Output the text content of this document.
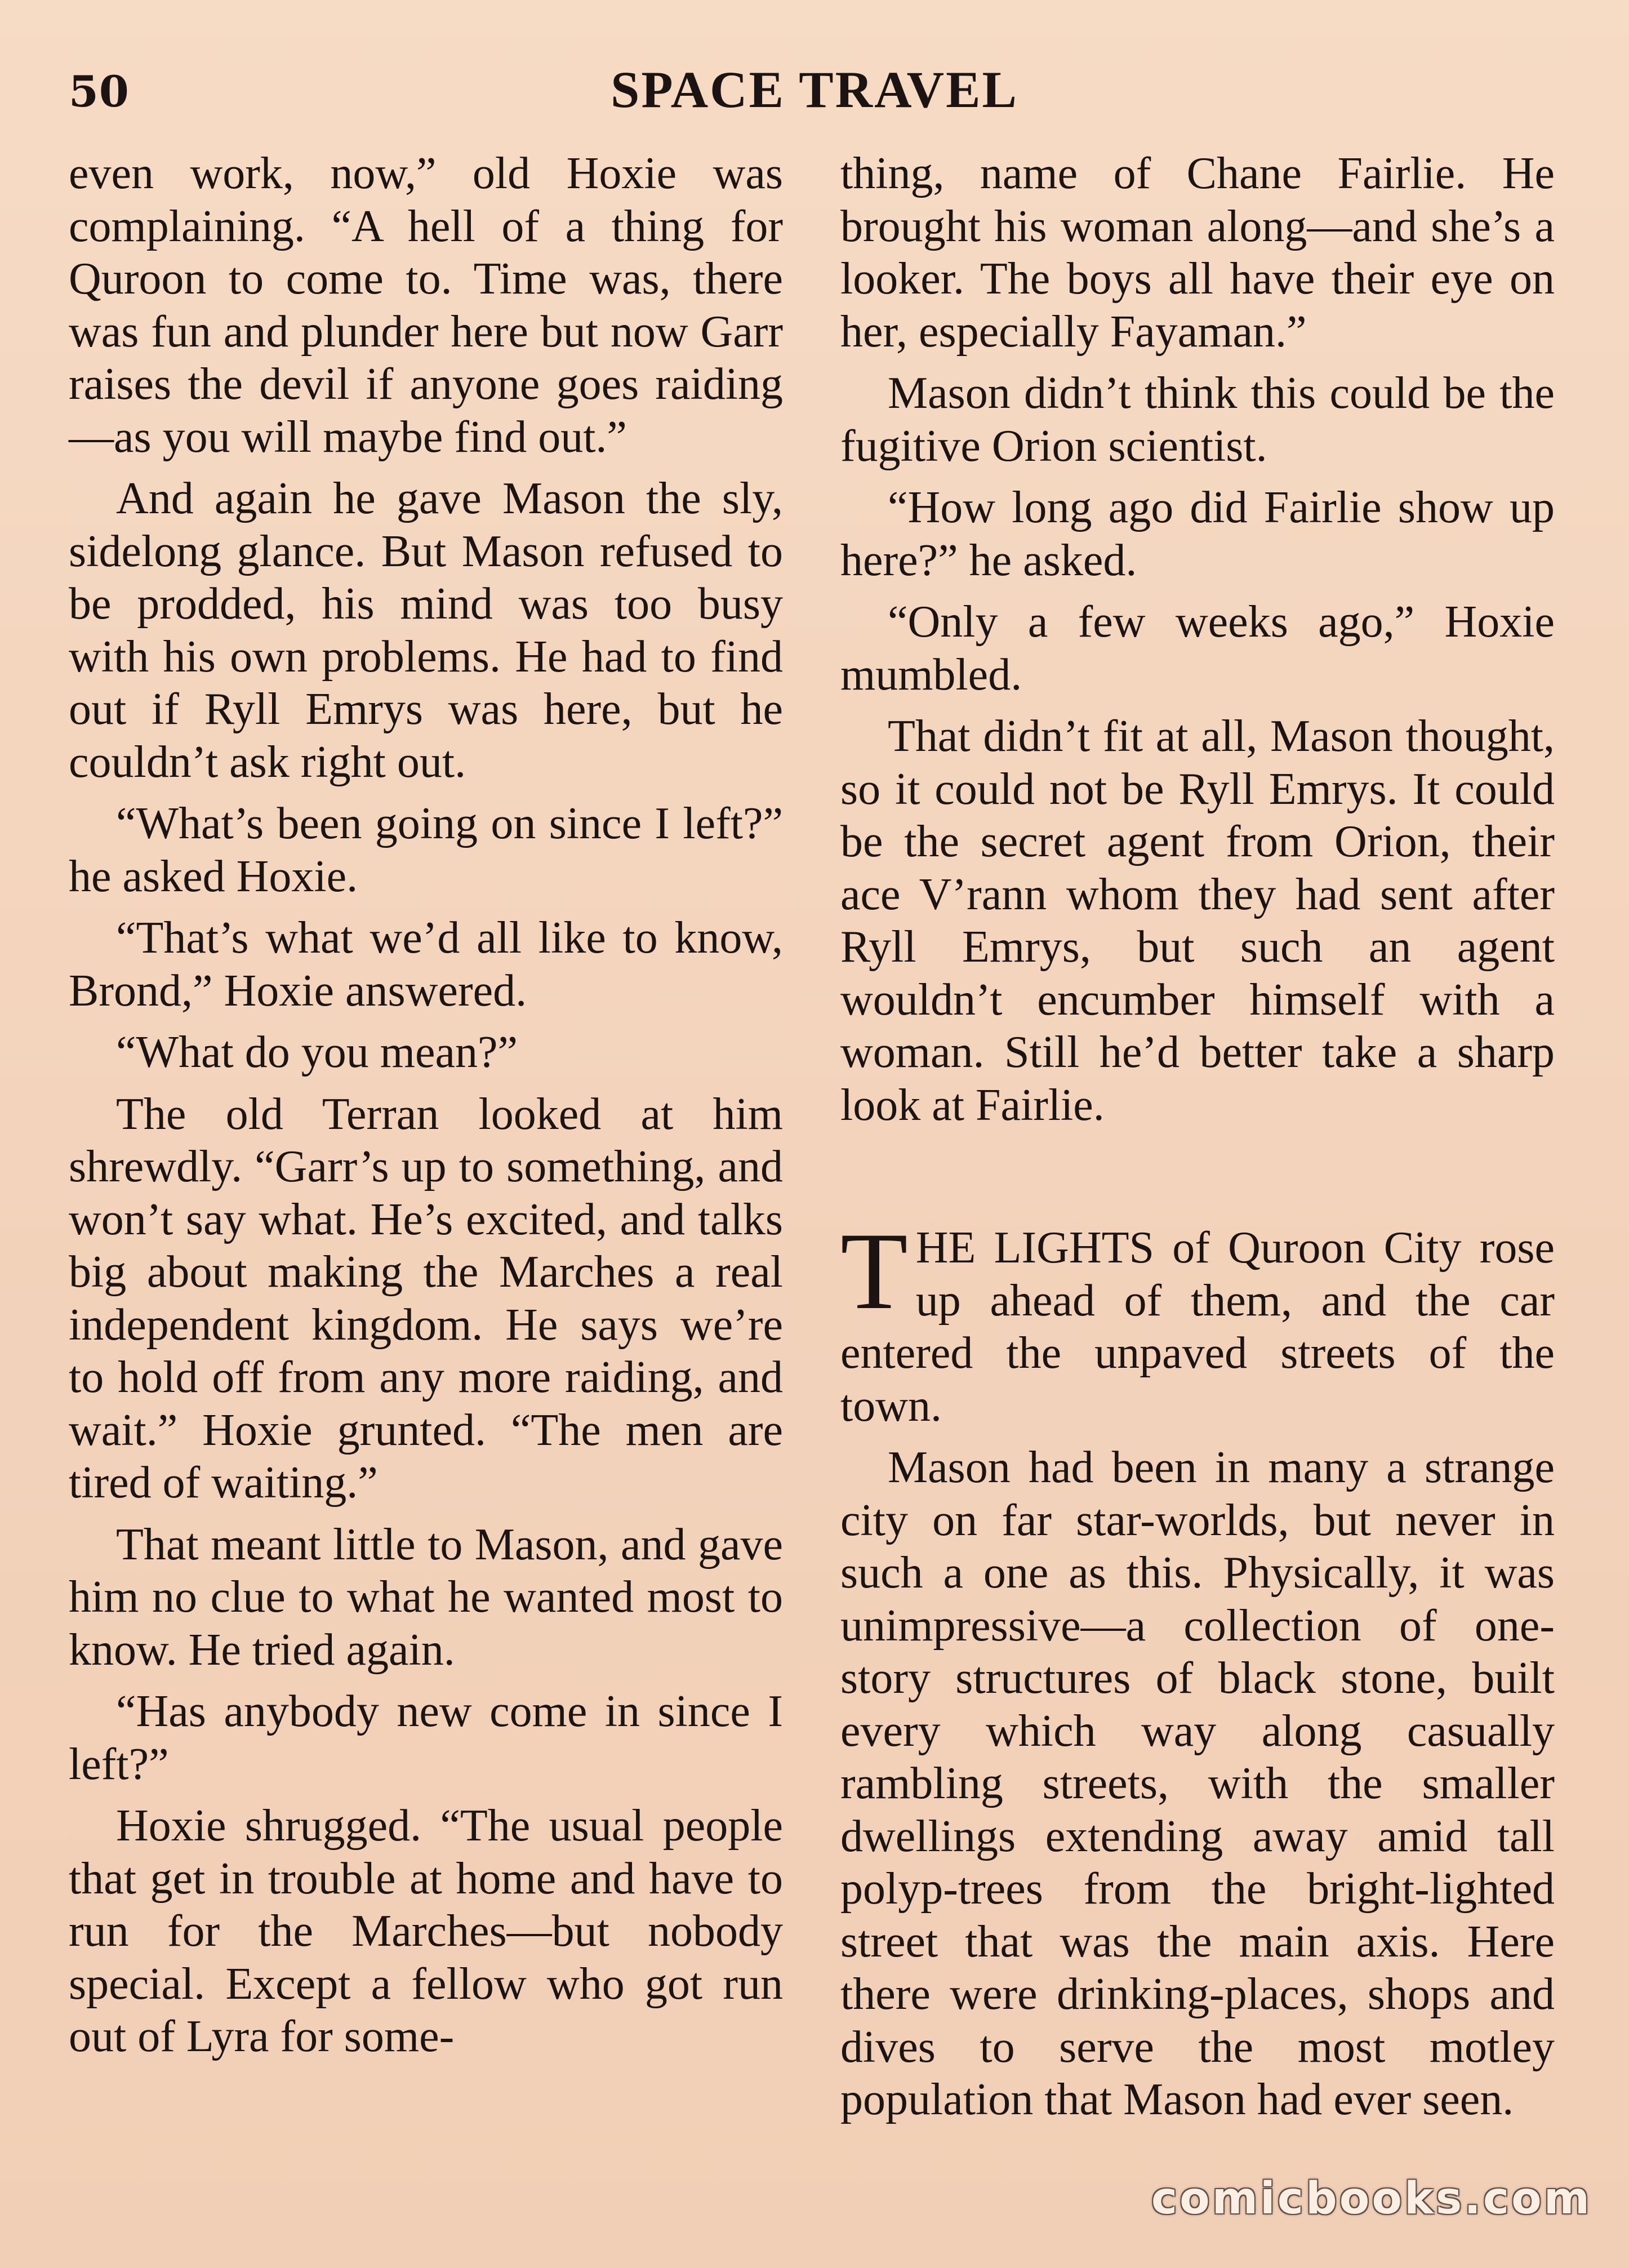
50	SPACE TRAVEL

even work, now,” old Hoxie was complaining. “A hell of a thing for Quroon to come to. Time was, there was fun and plunder here but now Garr raises the devil if anyone goes raiding—as you will maybe find out.”

And again he gave Mason the sly, sidelong glance. But Mason refused to be prodded, his mind was too busy with his own problems. He had to find out if Ryll Emrys was here, but he couldn’t ask right out.

“What’s been going on since I left?” he asked Hoxie.

“That’s what we’d all like to know, Brond,” Hoxie answered.

“What do you mean?”

The old Terran looked at him shrewdly. “Garr’s up to something, and won’t say what. He’s excited, and talks big about making the Marches a real independent kingdom. He says we’re to hold off from any more raiding, and wait.” Hoxie grunted. “The men are tired of waiting.”

That meant little to Mason, and gave him no clue to what he wanted most to know. He tried again.

“Has anybody new come in since I left?”

Hoxie shrugged. “The usual people that get in trouble at home and have to run for the Marches—but nobody special. Except a fellow who got run out of Lyra for some-

thing, name of Chane Fairlie. He brought his woman along—and she’s a looker. The boys all have their eye on her, especially Fayaman.”

Mason didn’t think this could be the fugitive Orion scientist.

“How long ago did Fairlie show up here?” he asked.

“Only a few weeks ago,” Hoxie mumbled.

That didn’t fit at all, Mason thought, so it could not be Ryll Emrys. It could be the secret agent from Orion, their ace V’rann whom they had sent after Ryll Emrys, but such an agent wouldn’t encumber himself with a woman. Still he’d better take a sharp look at Fairlie.

THE LIGHTS of Quroon City rose up ahead of them, and the car entered the unpaved streets of the town.

Mason had been in many a strange city on far star-worlds, but never in such a one as this. Physically, it was unimpressive—a collection of one-story structures of black stone, built every which way along casually rambling streets, with the smaller dwellings extending away amid tall polyp-trees from the bright-lighted street that was the main axis. Here there were drinking-places, shops and dives to serve the most motley population that Mason had ever seen.

comicbooks.com
